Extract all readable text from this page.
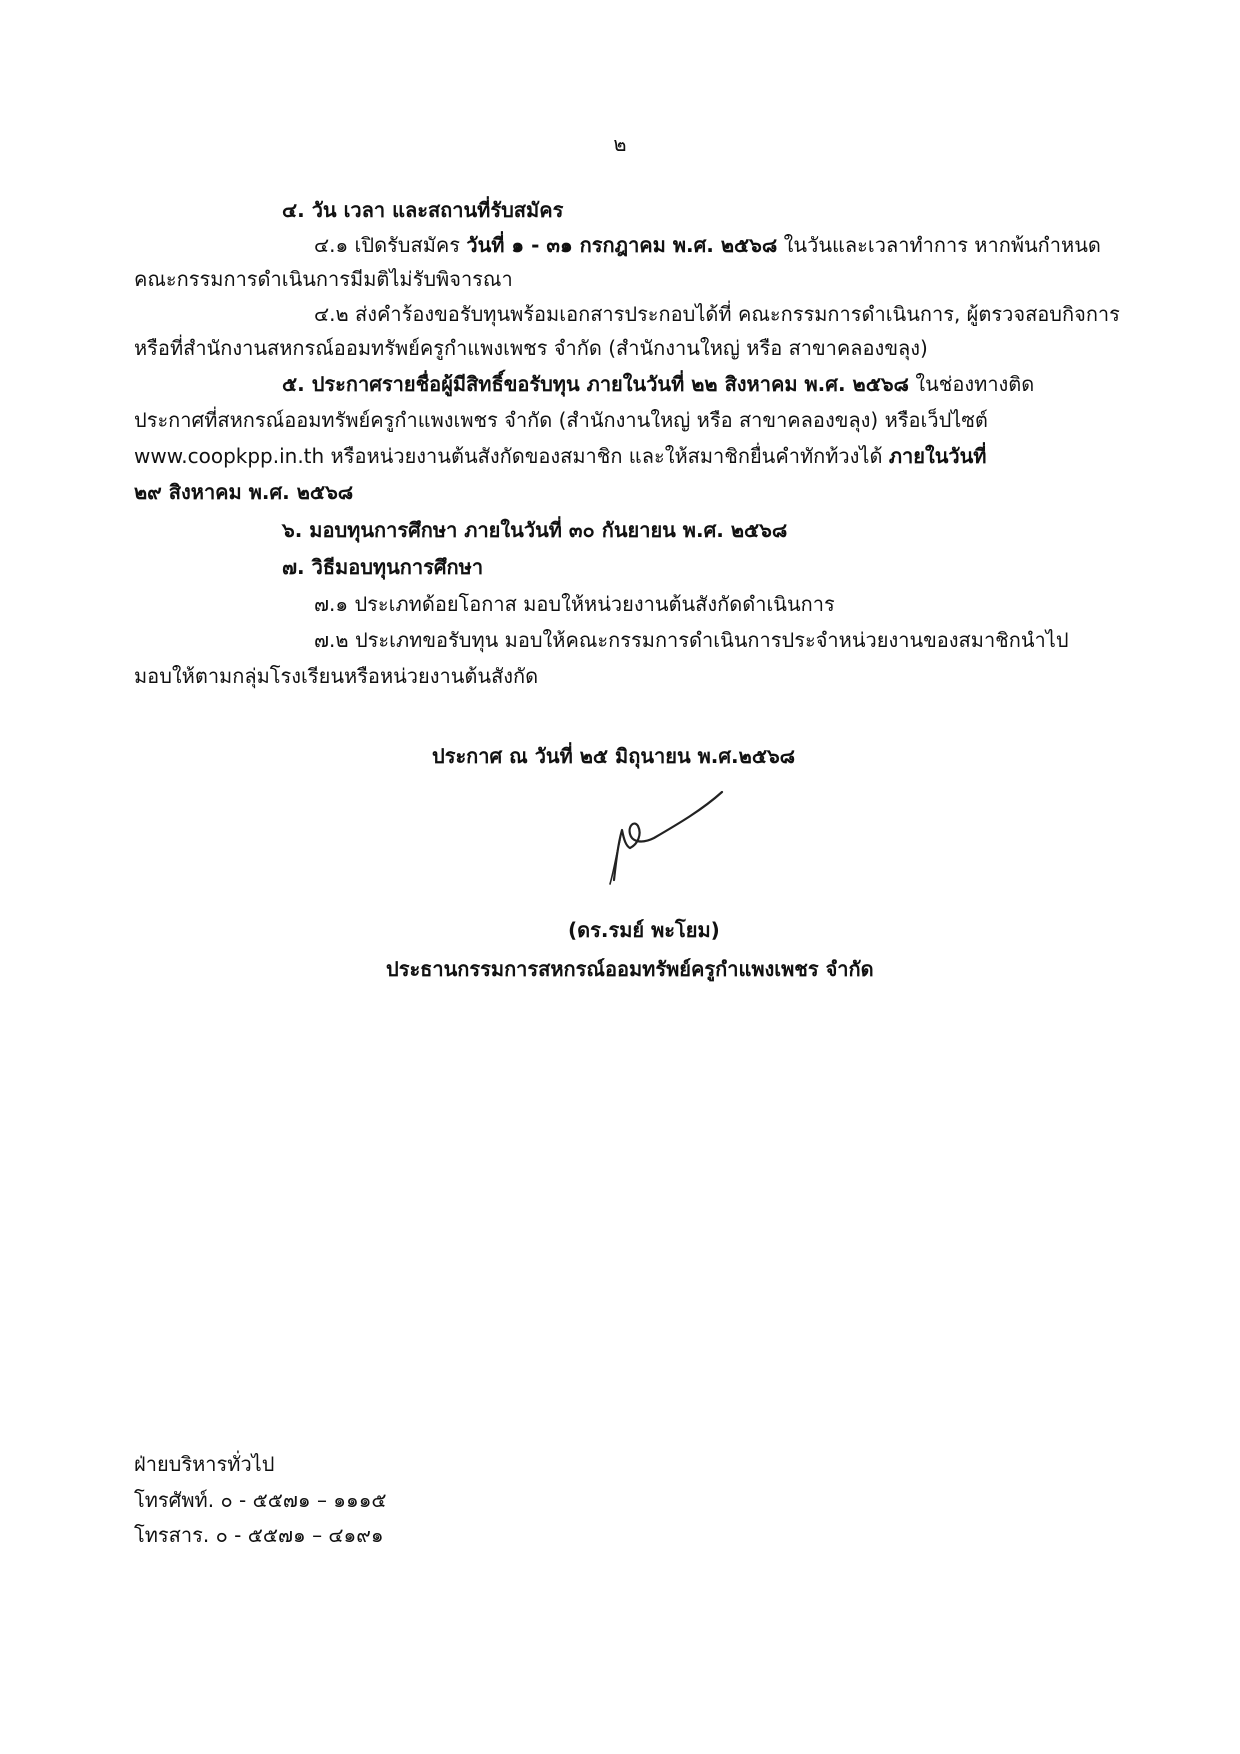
๒
๔. วัน เวลา และสถานที่รับสมัคร
๔.๑ เปิดรับสมัคร วันที่ ๑ - ๓๑ กรกฎาคม พ.ศ. ๒๕๖๘ ในวันและเวลาทำการ หากพ้นกำหนด
คณะกรรมการดำเนินการมีมติไม่รับพิจารณา
๔.๒ ส่งคำร้องขอรับทุนพร้อมเอกสารประกอบได้ที่ คณะกรรมการดำเนินการ, ผู้ตรวจสอบกิจการ
หรือที่สำนักงานสหกรณ์ออมทรัพย์ครูกำแพงเพชร จำกัด (สำนักงานใหญ่ หรือ สาขาคลองขลุง)
๕. ประกาศรายชื่อผู้มีสิทธิ์ขอรับทุน ภายในวันที่ ๒๒ สิงหาคม พ.ศ. ๒๕๖๘ ในช่องทางติด
ประกาศที่สหกรณ์ออมทรัพย์ครูกำแพงเพชร จำกัด (สำนักงานใหญ่ หรือ สาขาคลองขลุง) หรือเว็ปไซต์
www.coopkpp.in.th หรือหน่วยงานต้นสังกัดของสมาชิก และให้สมาชิกยื่นคำทักท้วงได้ ภายในวันที่
๒๙ สิงหาคม พ.ศ. ๒๕๖๘
๖. มอบทุนการศึกษา ภายในวันที่ ๓๐ กันยายน พ.ศ. ๒๕๖๘
๗. วิธีมอบทุนการศึกษา
๗.๑ ประเภทด้อยโอกาส มอบให้หน่วยงานต้นสังกัดดำเนินการ
๗.๒ ประเภทขอรับทุน มอบให้คณะกรรมการดำเนินการประจำหน่วยงานของสมาชิกนำไป
มอบให้ตามกลุ่มโรงเรียนหรือหน่วยงานต้นสังกัด
ประกาศ ณ วันที่ ๒๕ มิถุนายน พ.ศ.๒๕๖๘
(ดร.รมย์ พะโยม)
ประธานกรรมการสหกรณ์ออมทรัพย์ครูกำแพงเพชร จำกัด
ฝ่ายบริหารทั่วไป
โทรศัพท์. ๐ - ๕๕๗๑ – ๑๑๑๕
โทรสาร. ๐ - ๕๕๗๑ – ๔๑๙๑
